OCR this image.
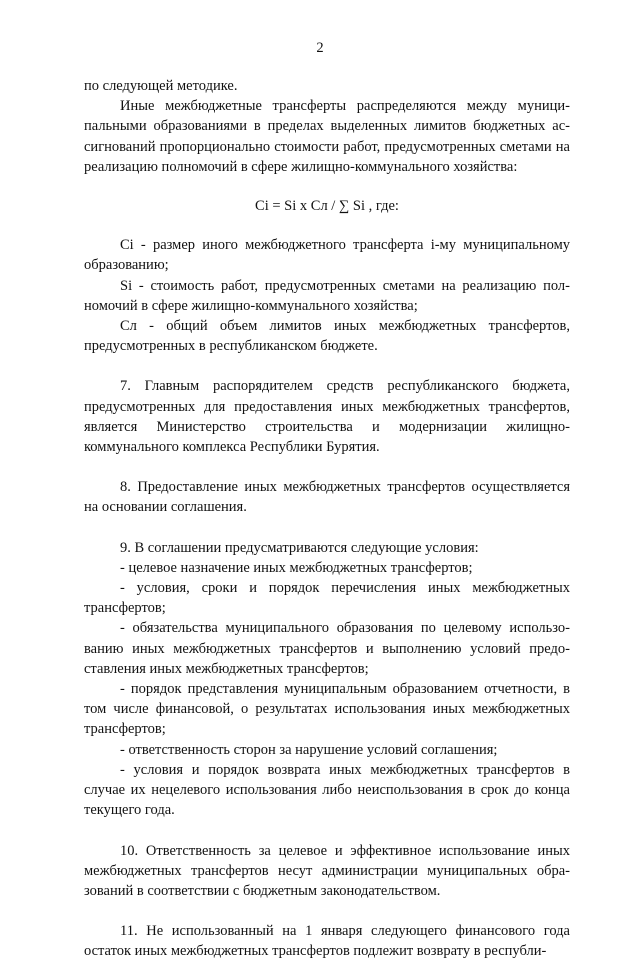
2

по следующей методике.

Иные межбюджетные трансферты распределяются между муниципальными образованиями в пределах выделенных лимитов бюджетных ассигнований пропорционально стоимости работ, предусмотренных сметами на реализацию полномочий в сфере жилищно-коммунального хозяйства:

Ci = Si x Cл / ∑ Si , где:

Ci - размер иного межбюджетного трансферта i-му муниципальному образованию;

Si - стоимость работ, предусмотренных сметами на реализацию полномочий в сфере жилищно-коммунального хозяйства;

Cл - общий объем лимитов иных межбюджетных трансфертов, предусмотренных в республиканском бюджете.

7. Главным распорядителем средств республиканского бюджета, предусмотренных для предоставления иных межбюджетных трансфертов, является Министерство строительства и модернизации жилищно-коммунального комплекса Республики Бурятия.

8. Предоставление иных межбюджетных трансфертов осуществляется на основании соглашения.

9. В соглашении предусматриваются следующие условия:

- целевое назначение иных межбюджетных трансфертов;

- условия, сроки и порядок перечисления иных межбюджетных трансфертов;

- обязательства муниципального образования по целевому использованию иных межбюджетных трансфертов и выполнению условий предоставления иных межбюджетных трансфертов;

- порядок представления муниципальным образованием отчетности, в том числе финансовой, о результатах использования иных межбюджетных трансфертов;

- ответственность сторон за нарушение условий соглашения;

- условия и порядок возврата иных межбюджетных трансфертов в случае их нецелевого использования либо неиспользования в срок до конца текущего года.

10. Ответственность за целевое и эффективное использование иных межбюджетных трансфертов несут администрации муниципальных образований в соответствии с бюджетным законодательством.

11. Не использованный на 1 января следующего финансового года остаток иных межбюджетных трансфертов подлежит возврату в республи-
